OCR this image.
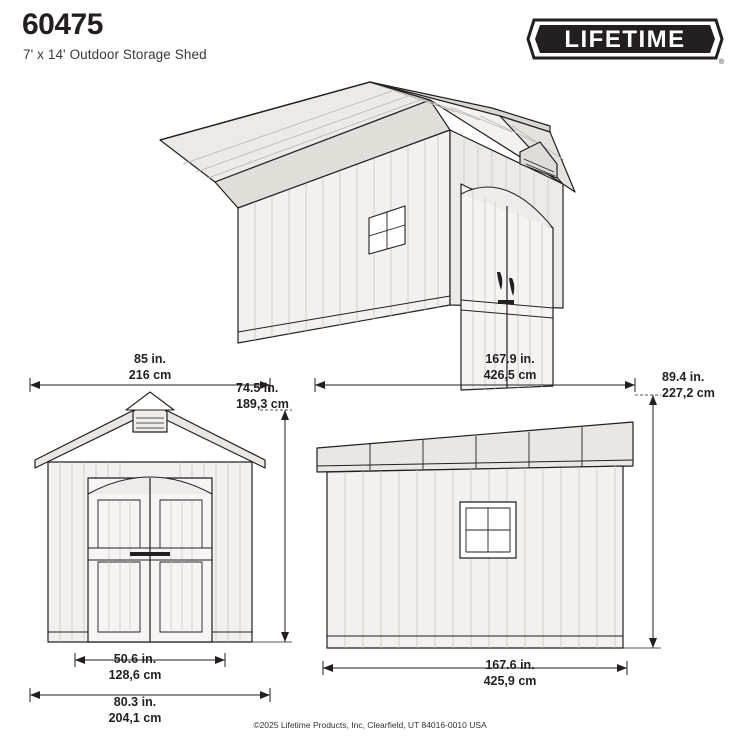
60475
7' x 14' Outdoor Storage Shed
LIFETIME
®
85 in.
216 cm
74.5 in.
189,3 cm
50.6 in.
128,6 cm
80.3 in.
204,1 cm
167.9 in.
426,5 cm	89.4 in.
227,2 cm
167.6 in.
425,9 cm
©2025 Lifetime Products, Inc, Clearfield, UT 84016-0010 USA
